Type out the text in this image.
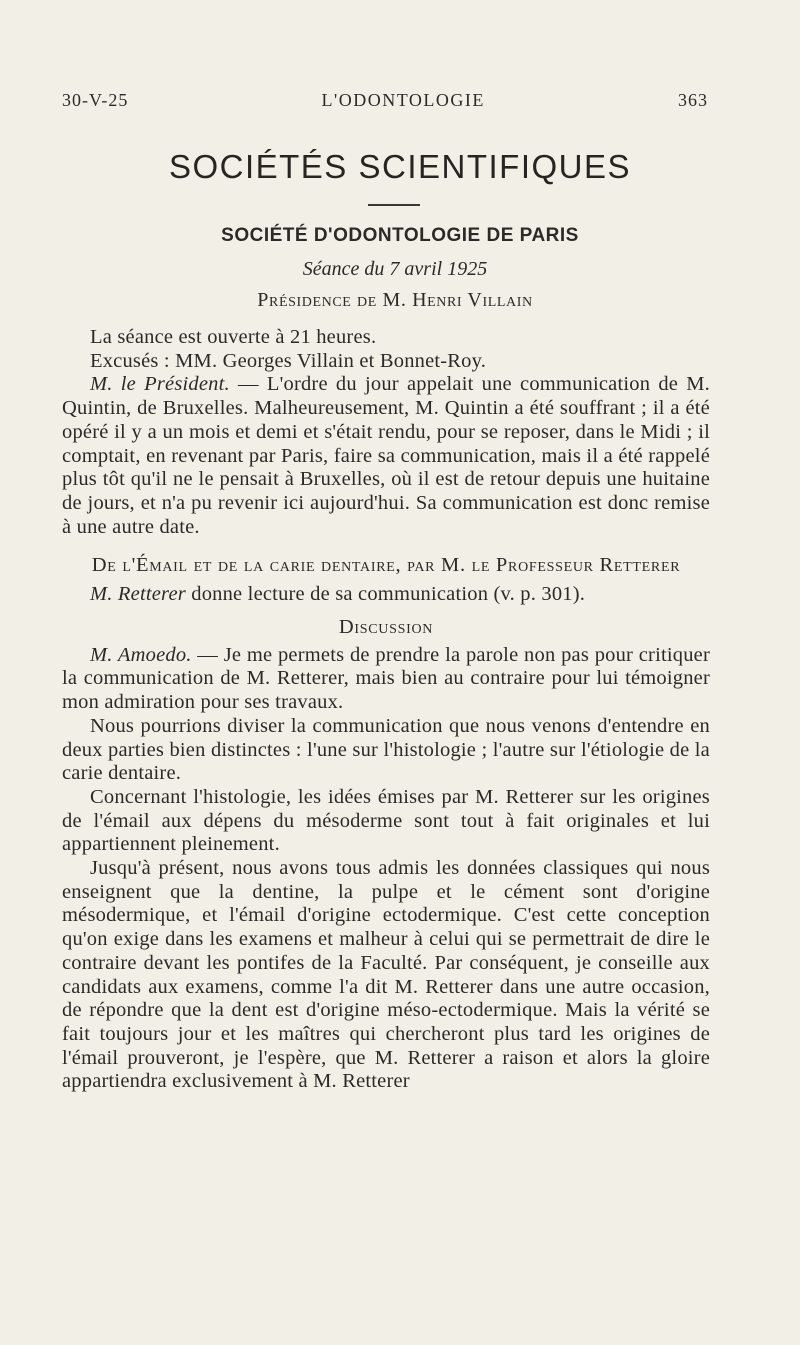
30-V-25	L'ODONTOLOGIE	363
SOCIÉTÉS SCIENTIFIQUES
SOCIÉTÉ D'ODONTOLOGIE DE PARIS
Séance du 7 avril 1925
Présidence de M. Henri Villain

La séance est ouverte à 21 heures.

Excusés : MM. Georges Villain et Bonnet-Roy.

M. le Président. — L'ordre du jour appelait une communication de M. Quintin, de Bruxelles. Malheureusement, M. Quintin a été souffrant ; il a été opéré il y a un mois et demi et s'était rendu, pour se reposer, dans le Midi ; il comptait, en revenant par Paris, faire sa communication, mais il a été rappelé plus tôt qu'il ne le pensait à Bruxelles, où il est de retour depuis une huitaine de jours, et n'a pu revenir ici aujourd'hui. Sa communication est donc remise à une autre date.

De l'Émail et de la carie dentaire, par M. le Professeur Retterer

M. Retterer donne lecture de sa communication (v. p. 301).

Discussion

M. Amoedo. — Je me permets de prendre la parole non pas pour critiquer la communication de M. Retterer, mais bien au contraire pour lui témoigner mon admiration pour ses travaux.

Nous pourrions diviser la communication que nous venons d'entendre en deux parties bien distinctes : l'une sur l'histologie ; l'autre sur l'étiologie de la carie dentaire.

Concernant l'histologie, les idées émises par M. Retterer sur les origines de l'émail aux dépens du mésoderme sont tout à fait originales et lui appartiennent pleinement.

Jusqu'à présent, nous avons tous admis les données classiques qui nous enseignent que la dentine, la pulpe et le cément sont d'origine mésodermique, et l'émail d'origine ectodermique. C'est cette conception qu'on exige dans les examens et malheur à celui qui se permettrait de dire le contraire devant les pontifes de la Faculté. Par conséquent, je conseille aux candidats aux examens, comme l'a dit M. Retterer dans une autre occasion, de répondre que la dent est d'origine méso-ectodermique. Mais la vérité se fait toujours jour et les maîtres qui chercheront plus tard les origines de l'émail prouveront, je l'espère, que M. Retterer a raison et alors la gloire appartiendra exclusivement à M. Retterer
